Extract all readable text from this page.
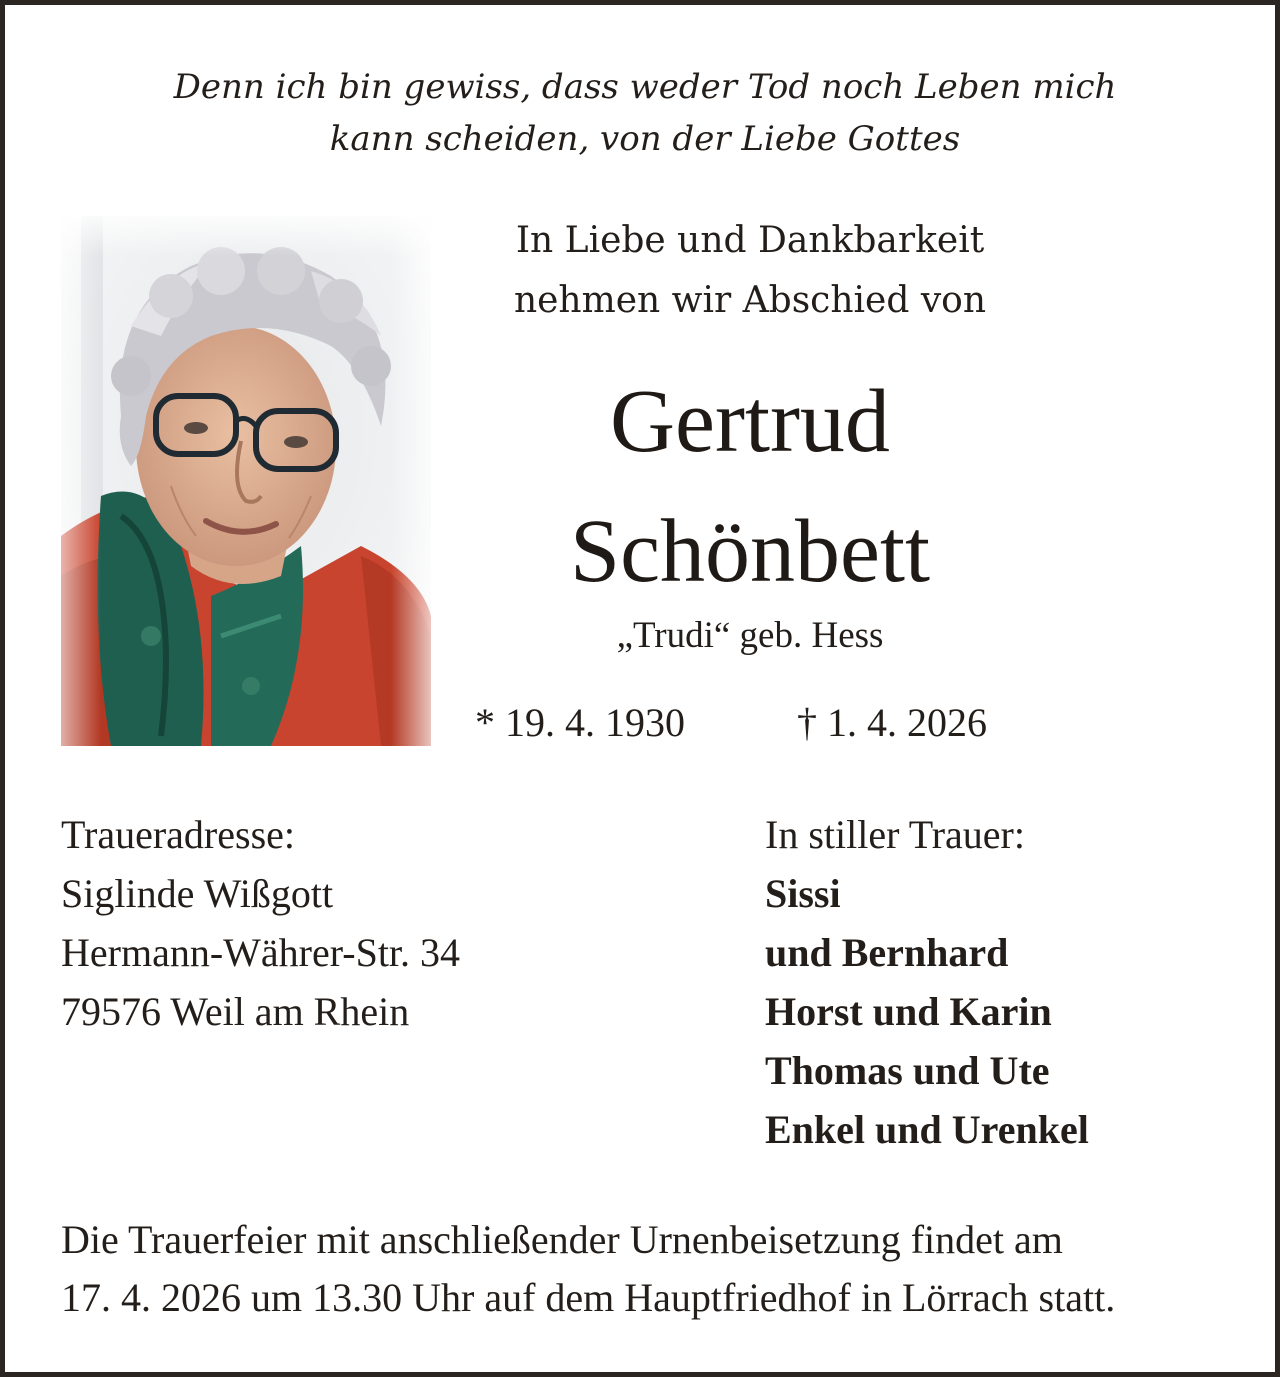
Denn ich bin gewiss, dass weder Tod noch Leben mich
kann scheiden, von der Liebe Gottes
In Liebe und Dankbarkeit
nehmen wir Abschied von
Gertrud
Schönbett
„Trudi“ geb. Hess
* 19. 4. 1930	† 1. 4. 2026
Traueradresse:
Siglinde Wißgott
Hermann-Währer-Str. 34
79576 Weil am Rhein
In stiller Trauer:
Sissi
und Bernhard
Horst und Karin
Thomas und Ute
Enkel und Urenkel
Die Trauerfeier mit anschließender Urnenbeisetzung findet am
17. 4. 2026 um 13.30 Uhr auf dem Hauptfriedhof in Lörrach statt.
